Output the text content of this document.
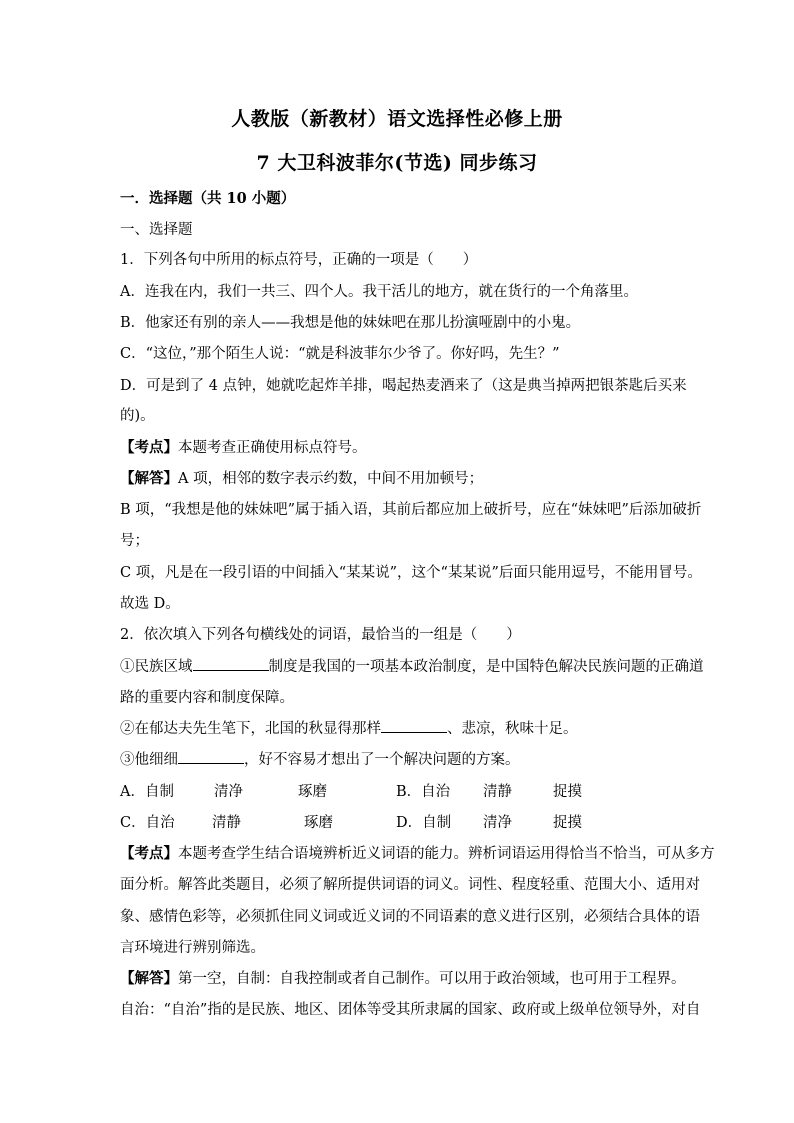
人教版（新教材）语文选择性必修上册
7 大卫科波菲尔(节选) 同步练习
一．选择题（共 10 小题）
一、选择题
1．下列各句中所用的标点符号，正确的一项是（　　）
A．连我在内，我们一共三、四个人。我干活儿的地方，就在货行的一个角落里。
B．他家还有别的亲人——我想是他的妹妹吧在那儿扮演哑剧中的小鬼。
C．“这位，”那个陌生人说：“就是科波菲尔少爷了。你好吗，先生？”
D．可是到了 4 点钟，她就吃起炸羊排，喝起热麦酒来了（这是典当掉两把银茶匙后买来
的)。
【考点】本题考查正确使用标点符号。
【解答】A 项，相邻的数字表示约数，中间不用加顿号；
B 项，“我想是他的妹妹吧”属于插入语，其前后都应加上破折号，应在“妹妹吧”后添加破折
号；
C 项，凡是在一段引语的中间插入“某某说”，这个“某某说”后面只能用逗号，不能用冒号。
故选 D。
2．依次填入下列各句横线处的词语，最恰当的一组是（　　）
①民族区域	制度是我国的一项基本政治制度，是中国特色解决民族问题的正确道
路的重要内容和制度保障。
②在郁达夫先生笔下，北国的秋显得那样	、悲凉，秋味十足。
③他细细	，好不容易才想出了一个解决问题的方案。
A．自制	清净	琢磨	B．自治 清静	捉摸
C．自治	清静	琢磨	D．自制 清净	捉摸
【考点】本题考查学生结合语境辨析近义词语的能力。辨析词语运用得恰当不恰当，可从多方
面分析。解答此类题目，必须了解所提供词语的词义。词性、程度轻重、范围大小、适用对
象、感情色彩等，必须抓住同义词或近义词的不同语素的意义进行区别，必须结合具体的语
言环境进行辨别筛选。
【解答】第一空，自制：自我控制或者自己制作。可以用于政治领域，也可用于工程界。
自治：“自治”指的是民族、地区、团体等受其所隶属的国家、政府或上级单位领导外，对自
